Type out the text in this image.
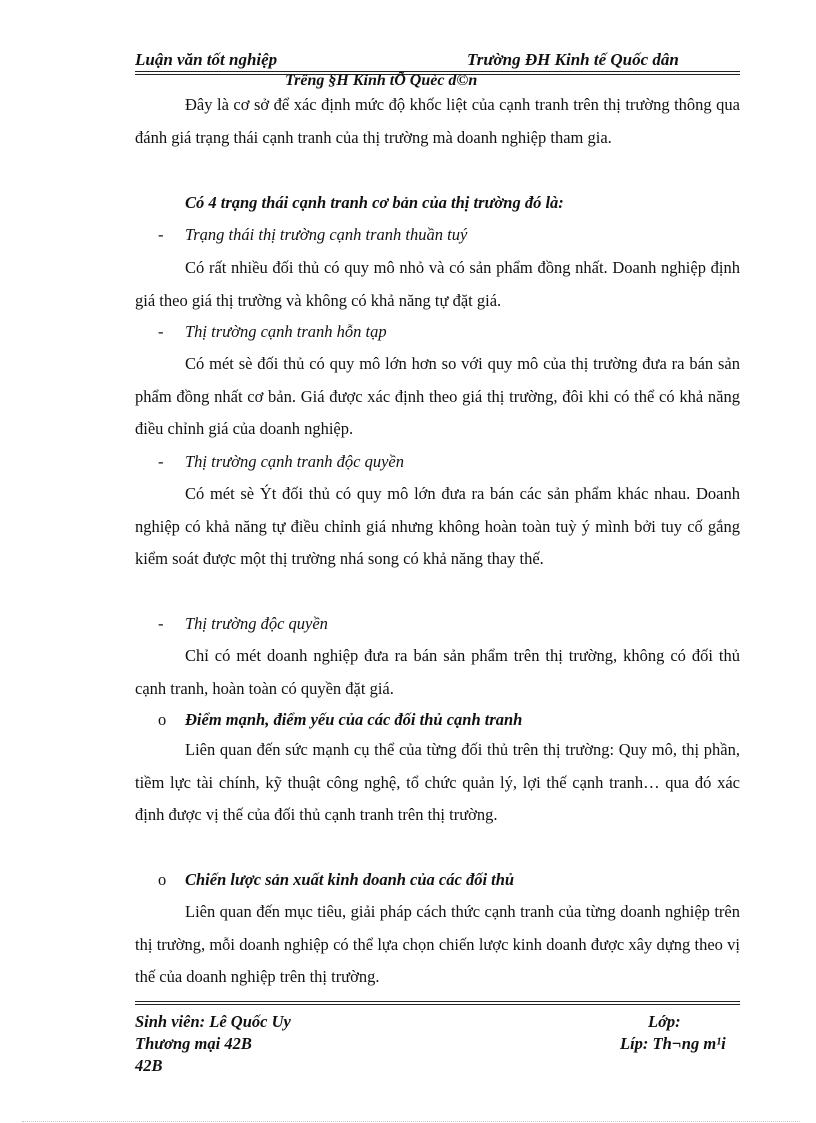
Luận văn tốt nghiệp	Trường ĐH Kinh tế Quốc dân
Trêng §H Kinh tÕ Quèc d©n

Đây là cơ sở để xác định mức độ khốc liệt của cạnh tranh trên thị trường thông qua đánh giá trạng thái cạnh tranh của thị trường mà doanh nghiệp tham gia.

Có 4 trạng thái cạnh tranh cơ bản của thị trường đó là:

- Trạng thái thị trường cạnh tranh thuần tuý

Có rất nhiều đối thủ có quy mô nhỏ và có sản phẩm đồng nhất. Doanh nghiệp định giá theo giá thị trường và không có khả năng tự đặt giá.

- Thị trường cạnh tranh hỗn tạp

Có mét sè đối thủ có quy mô lớn hơn so với quy mô của thị trường đưa ra bán sản phẩm đồng nhất cơ bản. Giá được xác định theo giá thị trường, đôi khi có thể có khả năng điều chỉnh giá của doanh nghiệp.

- Thị trường cạnh tranh độc quyền

Có mét sè Ýt đối thủ có quy mô lớn đưa ra bán các sản phẩm khác nhau. Doanh nghiệp có khả năng tự điều chỉnh giá nhưng không hoàn toàn tuỳ ý mình bởi tuy cố gắng kiểm soát được một thị trường nhá song có khả năng thay thế.

- Thị trường độc quyền

Chỉ có mét doanh nghiệp đưa ra bán sản phẩm trên thị trường, không có đối thủ cạnh tranh, hoàn toàn có quyền đặt giá.

o Điểm mạnh, điểm yếu của các đối thủ cạnh tranh

Liên quan đến sức mạnh cụ thể của từng đối thủ trên thị trường: Quy mô, thị phần, tiềm lực tài chính, kỹ thuật công nghệ, tổ chức quản lý, lợi thế cạnh tranh… qua đó xác định được vị thế của đối thủ cạnh tranh trên thị trường.

o Chiến lược sản xuất kinh doanh của các đối thủ

Liên quan đến mục tiêu, giải pháp cách thức cạnh tranh của từng doanh nghiệp trên thị trường, mỗi doanh nghiệp có thể lựa chọn chiến lược kinh doanh được xây dựng theo vị thế của doanh nghiệp trên thị trường.

Sinh viên: Lê Quốc Uy	Lớp:
Thương mại 42B	Líp: Th¬ng m¹i
42B
